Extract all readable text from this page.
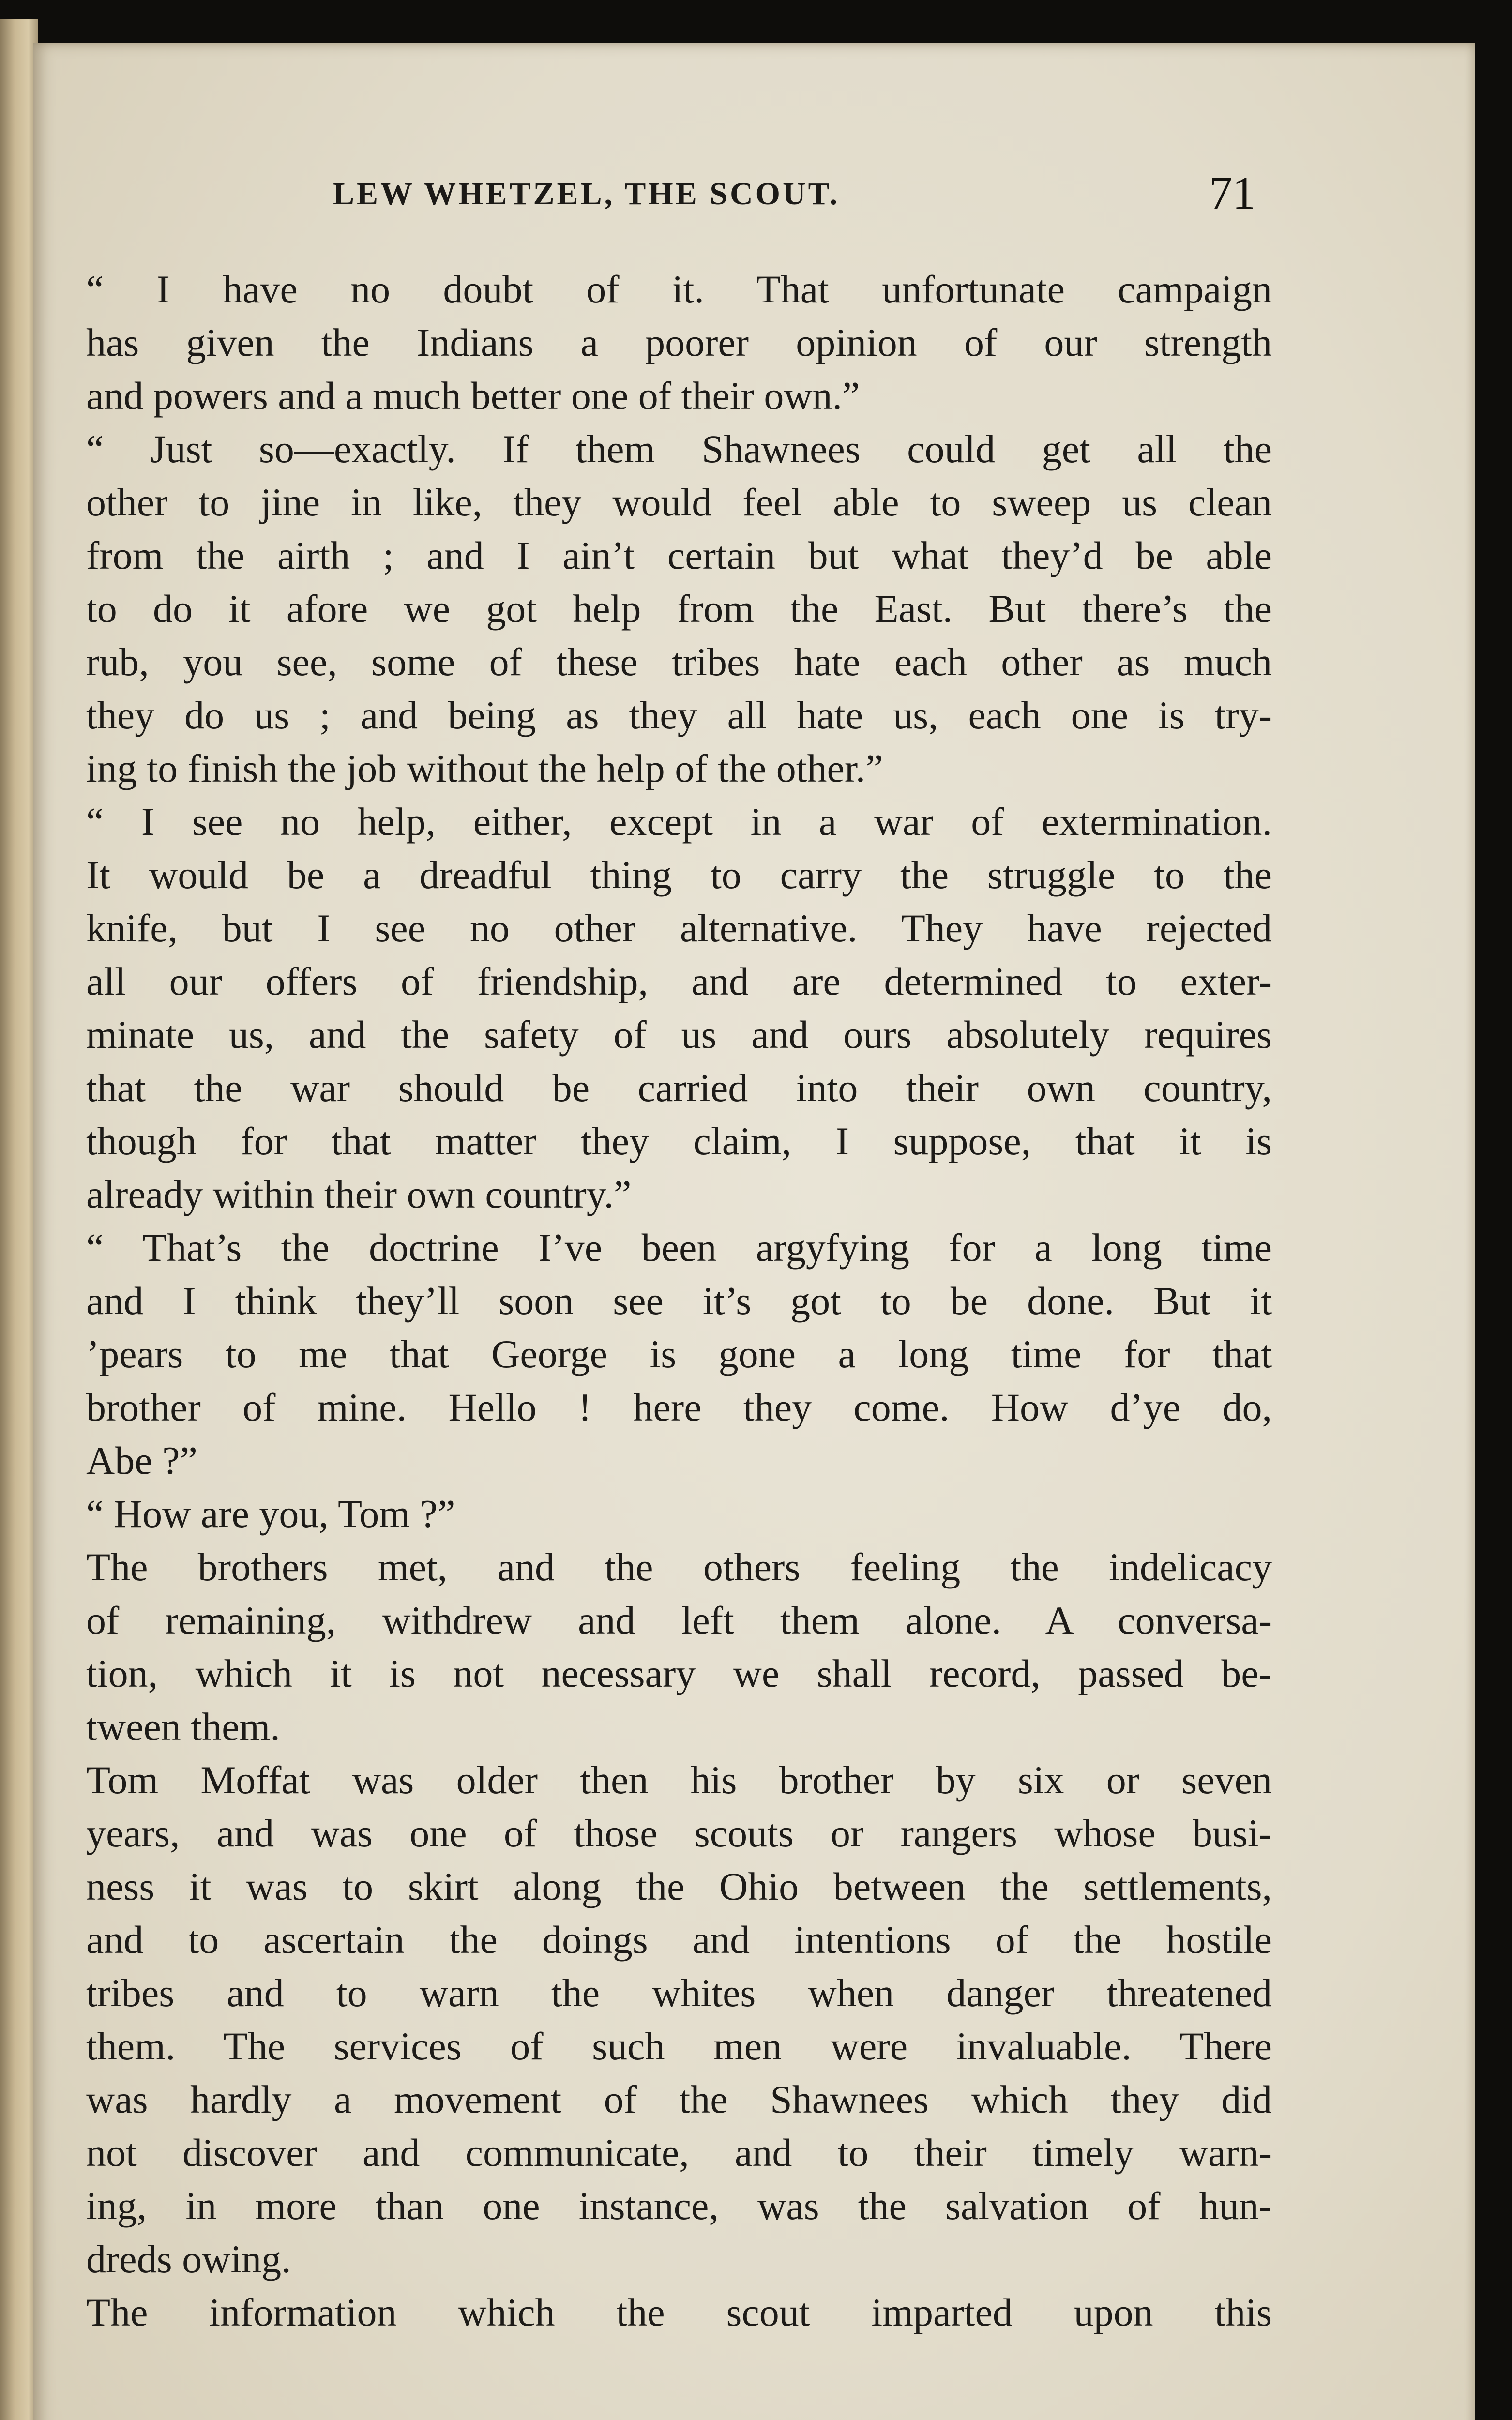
LEW WHETZEL, THE SCOUT.	71
“ I have no doubt of it. That unfortunate campaign
has given the Indians a poorer opinion of our strength
and powers and a much better one of their own.”
“ Just so—exactly. If them Shawnees could get all the
other to jine in like, they would feel able to sweep us clean
from the airth ; and I ain’t certain but what they’d be able
to do it afore we got help from the East. But there’s the
rub, you see, some of these tribes hate each other as much
they do us ; and being as they all hate us, each one is try-
ing to finish the job without the help of the other.”
“ I see no help, either, except in a war of extermination.
It would be a dreadful thing to carry the struggle to the
knife, but I see no other alternative. They have rejected
all our offers of friendship, and are determined to exter-
minate us, and the safety of us and ours absolutely requires
that the war should be carried into their own country,
though for that matter they claim, I suppose, that it is
already within their own country.”
“ That’s the doctrine I’ve been argyfying for a long time
and I think they’ll soon see it’s got to be done. But it
’pears to me that George is gone a long time for that
brother of mine. Hello ! here they come. How d’ye do,
Abe ?”
“ How are you, Tom ?”
The brothers met, and the others feeling the indelicacy
of remaining, withdrew and left them alone. A conversa-
tion, which it is not necessary we shall record, passed be-
tween them.
Tom Moffat was older then his brother by six or seven
years, and was one of those scouts or rangers whose busi-
ness it was to skirt along the Ohio between the settlements,
and to ascertain the doings and intentions of the hostile
tribes and to warn the whites when danger threatened
them. The services of such men were invaluable. There
was hardly a movement of the Shawnees which they did
not discover and communicate, and to their timely warn-
ing, in more than one instance, was the salvation of hun-
dreds owing.
The information which the scout imparted upon this
